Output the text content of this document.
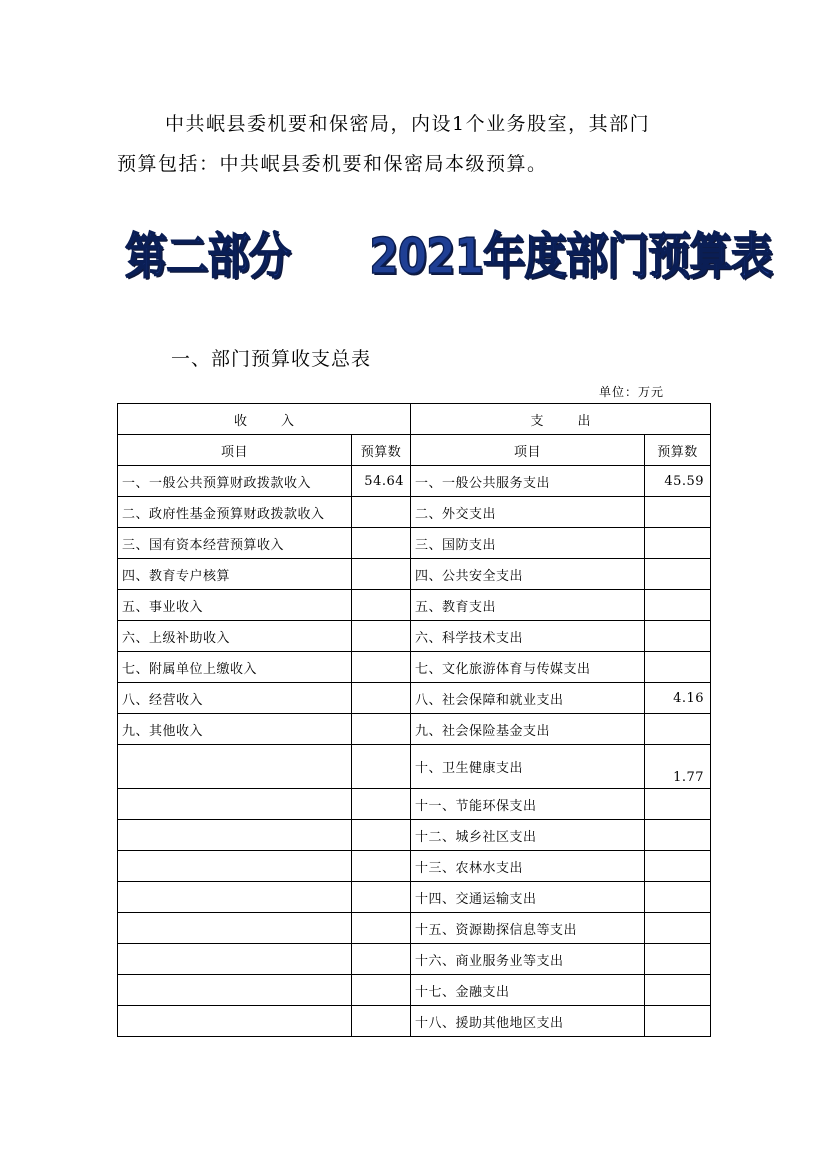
中共岷县委机要和保密局，内设1个业务股室，其部门
预算包括：中共岷县委机要和保密局本级预算。

第二部分 2021年度部门预算表
一、部门预算收支总表
单位：万元
收入		支出	
项目	预算数	项目	预算数
一、一般公共预算财政拨款收入	54.64	一、一般公共服务支出	45.59
二、政府性基金预算财政拨款收入		二、外交支出	
三、国有资本经营预算收入		三、国防支出	
四、教育专户核算		四、公共安全支出	
五、事业收入		五、教育支出	
六、上级补助收入		六、科学技术支出	
七、附属单位上缴收入		七、文化旅游体育与传媒支出	
八、经营收入		八、社会保障和就业支出	4.16
九、其他收入		九、社会保险基金支出	
		十、卫生健康支出	1.77
		十一、节能环保支出	
		十二、城乡社区支出	
		十三、农林水支出	
		十四、交通运输支出	
		十五、资源勘探信息等支出	
		十六、商业服务业等支出	
		十七、金融支出	
		十八、援助其他地区支出	
